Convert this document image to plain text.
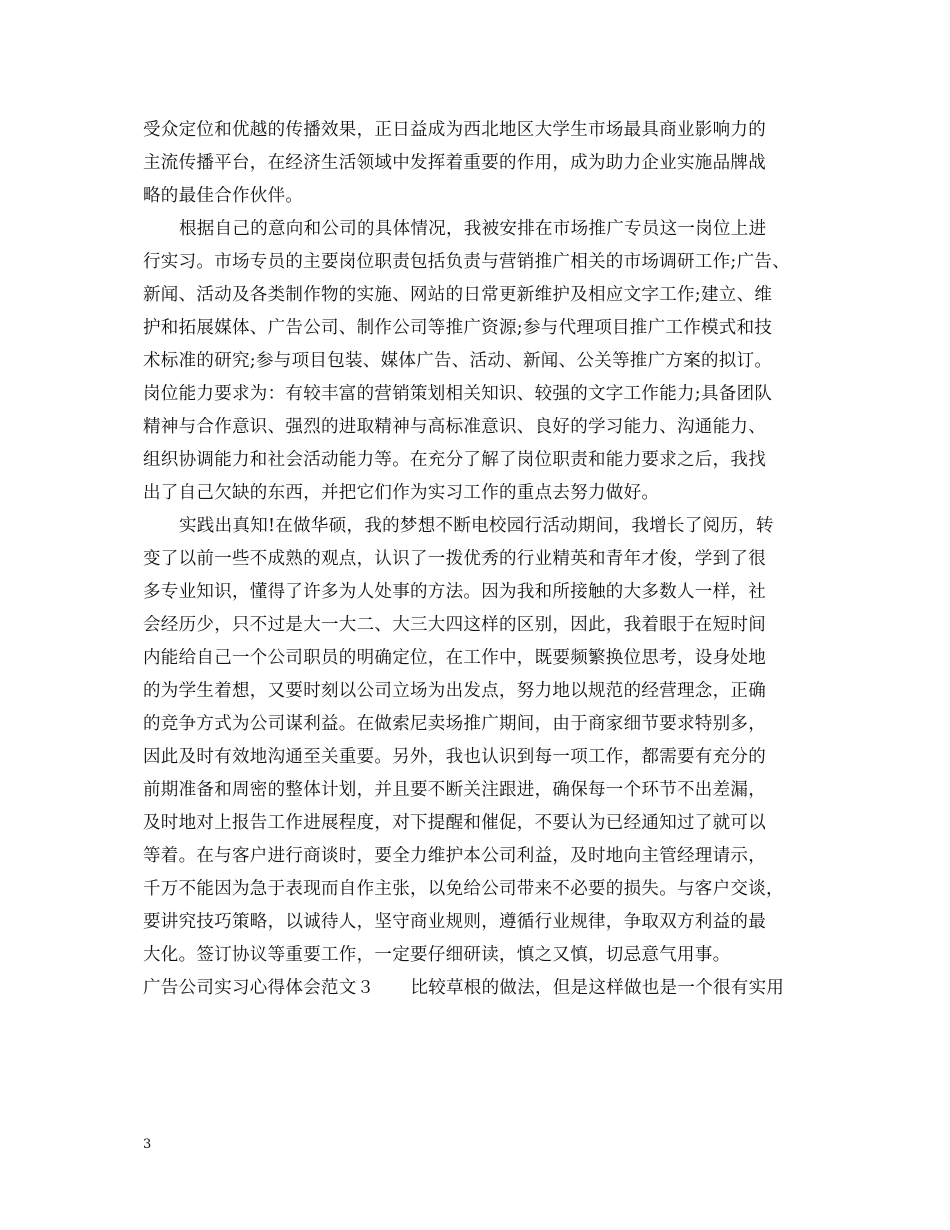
受众定位和优越的传播效果，正日益成为西北地区大学生市场最具商业影响力的
主流传播平台，在经济生活领域中发挥着重要的作用，成为助力企业实施品牌战
略的最佳合作伙伴。
根据自己的意向和公司的具体情况，我被安排在市场推广专员这一岗位上进
行实习。市场专员的主要岗位职责包括负责与营销推广相关的市场调研工作;广告、
新闻、活动及各类制作物的实施、网站的日常更新维护及相应文字工作;建立、维
护和拓展媒体、广告公司、制作公司等推广资源;参与代理项目推广工作模式和技
术标准的研究;参与项目包装、媒体广告、活动、新闻、公关等推广方案的拟订。
岗位能力要求为：有较丰富的营销策划相关知识、较强的文字工作能力;具备团队
精神与合作意识、强烈的进取精神与高标准意识、良好的学习能力、沟通能力、
组织协调能力和社会活动能力等。在充分了解了岗位职责和能力要求之后，我找
出了自己欠缺的东西，并把它们作为实习工作的重点去努力做好。
实践出真知!在做华硕，我的梦想不断电校园行活动期间，我增长了阅历，转
变了以前一些不成熟的观点，认识了一拨优秀的行业精英和青年才俊，学到了很
多专业知识，懂得了许多为人处事的方法。因为我和所接触的大多数人一样，社
会经历少，只不过是大一大二、大三大四这样的区别，因此，我着眼于在短时间
内能给自己一个公司职员的明确定位，在工作中，既要频繁换位思考，设身处地
的为学生着想，又要时刻以公司立场为出发点，努力地以规范的经营理念，正确
的竞争方式为公司谋利益。在做索尼卖场推广期间，由于商家细节要求特别多，
因此及时有效地沟通至关重要。另外，我也认识到每一项工作，都需要有充分的
前期准备和周密的整体计划，并且要不断关注跟进，确保每一个环节不出差漏，
及时地对上报告工作进展程度，对下提醒和催促，不要认为已经通知过了就可以
等着。在与客户进行商谈时，要全力维护本公司利益，及时地向主管经理请示，
千万不能因为急于表现而自作主张，以免给公司带来不必要的损失。与客户交谈，
要讲究技巧策略，以诚待人，坚守商业规则，遵循行业规律，争取双方利益的最
大化。签订协议等重要工作，一定要仔细研读，慎之又慎，切忌意气用事。
广告公司实习心得体会范文３ 比较草根的做法，但是这样做也是一个很有实用
3
